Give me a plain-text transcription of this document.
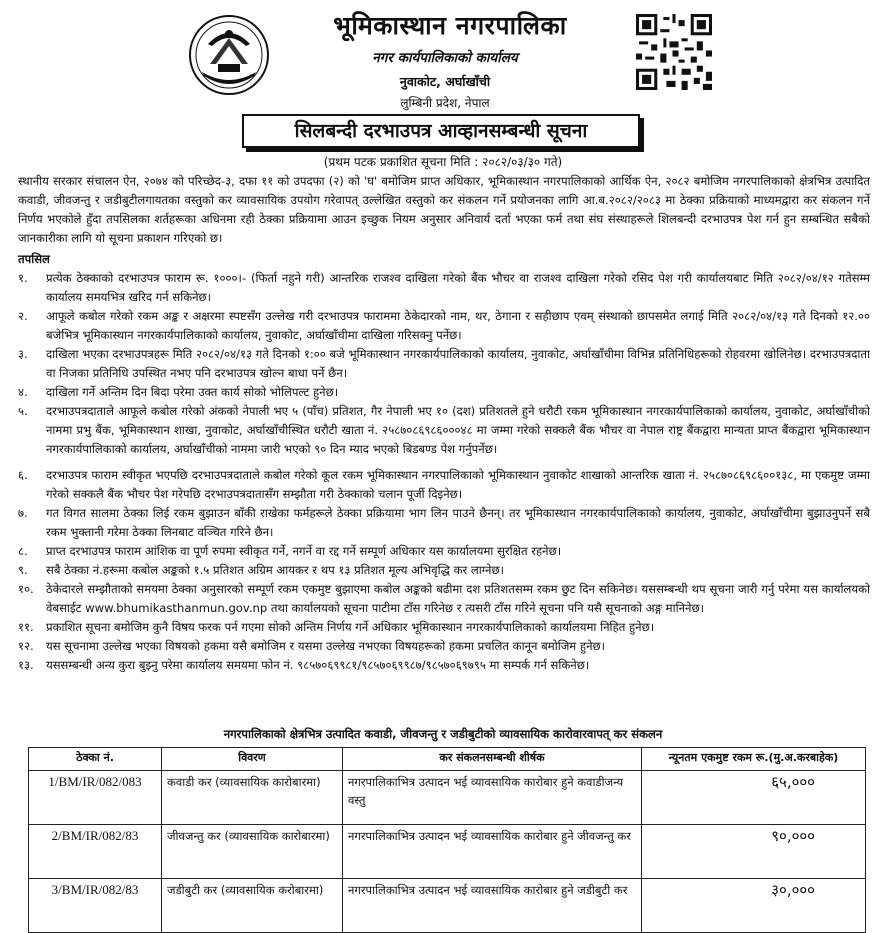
भूमिकास्थान नगरपालिका
नगर कार्यपालिकाको कार्यालय
नुवाकोट, अर्घाखाँची
लुम्बिनी प्रदेश, नेपाल
सिलबन्दी दरभाउपत्र आव्हानसम्बन्धी सूचना
(प्रथम पटक प्रकाशित सूचना मिति : २०८२/०३/३० गते)

स्थानीय सरकार संचालन ऐन, २०७४ को परिच्छेद-३, दफा ११ को उपदफा (२) को 'घ' बमोजिम प्राप्त अधिकार, भूमिकास्थान नगरपालिकाको आर्थिक ऐन, २०८२ बमोजिम नगरपालिकाको क्षेत्रभित्र उत्पादित कवाडी, जीवजन्तु र जडीबुटीलगायतका वस्तुको कर व्यावसायिक उपयोग गरेवापत् उल्लेखित वस्तुको कर संकलन गर्ने प्रयोजनका लागि आ.ब.२०८२/२०८३ मा ठेक्का प्रक्रियाको माध्यमद्वारा कर संकलन गर्ने निर्णय भएकोले हुँदा तपसिलका शर्तहरूका अधिनमा रही ठेक्का प्रक्रियामा आउन इच्छुक नियम अनुसार अनिवार्य दर्ता भएका फर्म तथा संघ संस्थाहरूले शिलबन्दी दरभाउपत्र पेश गर्न हुन सम्बन्धित सबैको जानकारीका लागि यो सूचना प्रकाशन गरिएको छ।

तपसिल

१.	प्रत्येक ठेक्काको दरभाउपत्र फाराम रू. १०००।- (फिर्ता नहुने गरी) आन्तरिक राजश्व दाखिला गरेको बैंक भौचर वा राजश्व दाखिला गरेको रसिद पेश गरी कार्यालयबाट मिति २०८२/०४/१२ गतेसम्म कार्यालय समयभित्र खरिद गर्न सकिनेछ।
२.	आफूले कबोल गरेको रकम अङ्क र अक्षरमा स्पष्टसँग उल्लेख गरी दरभाउपत्र फाराममा ठेकेदारको नाम, थर, ठेगाना र सहीछाप एवम् संस्थाको छापसमेत लगाई मिति २०८२/०४/१३ गते दिनको १२.०० बजेभित्र भूमिकास्थान नगरकार्यपालिकाको कार्यालय, नुवाकोट, अर्घाखाँचीमा दाखिला गरिसक्नु पर्नेछ।
३.	दाखिला भएका दरभाउपत्रहरू मिति २०८२/०४/१३ गते दिनको १:०० बजे भूमिकास्थान नगरकार्यपालिकाको कार्यालय, नुवाकोट, अर्घाखाँचीमा विभिन्न प्रतिनिधिहरूको रोहवरमा खोलिनेछ। दरभाउपत्रदाता वा निजका प्रतिनिधि उपस्थित नभए पनि दरभाउपत्र खोल्न बाधा पर्ने छैन।
४.	दाखिला गर्ने अन्तिम दिन बिदा परेमा उक्त कार्य सोको भोलिपल्ट हुनेछ।
५.	दरभाउपत्रदाताले आफूले कबोल गरेको अंकको नेपाली भए ५ (पाँच) प्रतिशत, गैर नेपाली भए १० (दश) प्रतिशतले हुने धरौटी रकम भूमिकास्थान नगरकार्यपालिकाको कार्यालय, नुवाकोट, अर्घाखाँचीको नाममा प्रभु बैंक, भूमिकास्थान शाखा, नुवाकोट, अर्घाखाँचीस्थित धरौटी खाता नं. २५८७०८६९८६०००४८ मा जम्मा गरेको सक्कलै बैंक भौचर वा नेपाल राष्ट्र बैंकद्वारा मान्यता प्राप्त बैंकद्वारा भूमिकास्थान नगरकार्यपालिकाको कार्यालय, अर्घाखाँचीको नाममा जारी भएको ९० दिन म्याद भएको बिडबण्ड पेश गर्नुपर्नेछ।
६.	दरभाउपत्र फाराम स्वीकृत भएपछि दरभाउपत्रदाताले कबोल गरेको कूल रकम भूमिकास्थान नगरपालिकाको भूमिकास्थान नुवाकोट शाखाको आन्तरिक खाता नं. २५८७०८६९८६००१३८, मा एकमुष्ट जम्मा गरेको सक्कलै बैंक भौचर पेश गरेपछि दरभाउपत्रदातासँग सम्झौता गरी ठेक्काको चलान पूर्जी दिइनेछ।
७.	गत विगत सालमा ठेक्का लिई रकम बुझाउन बाँकी राखेका फर्महरूले ठेक्का प्रक्रियामा भाग लिन पाउने छैनन्। तर भूमिकास्थान नगरकार्यपालिकाको कार्यालय, नुवाकोट, अर्घाखाँचीमा बुझाउनुपर्ने सबै रकम भुक्तानी गरेमा ठेक्का लिनबाट वञ्चित गरिने छैन।
८.	प्राप्त दरभाउपत्र फाराम आंशिक वा पूर्ण रुपमा स्वीकृत गर्ने, नगर्ने वा रद्द गर्ने सम्पूर्ण अधिकार यस कार्यालयमा सुरक्षित रहनेछ।
९.	सबै ठेक्का नं.हरूमा कबोल अङ्कको १.५ प्रतिशत अग्रिम आयकर र थप १३ प्रतिशत मूल्य अभिवृद्धि कर लाग्नेछ।
१०.	ठेकेदारले सम्झौताको समयमा ठेक्का अनुसारको सम्पूर्ण रकम एकमुष्ट बुझाएमा कबोल अङ्कको बढीमा दश प्रतिशतसम्म रकम छुट दिन सकिनेछ। यससम्बन्धी थप सूचना जारी गर्नु परेमा यस कार्यालयको वेबसाईट www.bhumikasthanmun.gov.np तथा कार्यालयको सूचना पाटीमा टाँस गरिनेछ र त्यसरी टाँस गरिने सूचना पनि यसै सूचनाको अङ्ग मानिनेछ।
११.	प्रकाशित सूचना बमोजिम कुनै विषय फरक पर्न गएमा सोको अन्तिम निर्णय गर्ने अधिकार भूमिकास्थान नगरकार्यपालिकाको कार्यालयमा निहित हुनेछ।
१२.	यस सूचनामा उल्लेख भएका विषयको हकमा यसै बमोजिम र यसमा उल्लेख नभएका विषयहरूको हकमा प्रचलित कानून बमोजिम हुनेछ।
१३.	यससम्बन्धी अन्य कुरा बुझ्नु परेमा कार्यालय समयमा फोन नं. ९८५७०६९९८१/९८५७०६९९८७/९८५७०६९७९५ मा सम्पर्क गर्न सकिनेछ।
नगरपालिकाको क्षेत्रभित्र उत्पादित कवाडी, जीवजन्तु र जडीबुटीको व्यावसायिक कारोवारवापत् कर संकलन
ठेक्का नं.	विवरण	कर संकलनसम्बन्धी शीर्षक	न्यूनतम एकमुष्ट रकम रू.(मु.अ.करबाहेक)
1/BM/IR/082/083	कवाडी कर (व्यावसायिक कारोबारमा)	नगरपालिकाभित्र उत्पादन भई व्यावसायिक कारोबार हुने कवाडीजन्य वस्तु	६५,०००
2/BM/IR/082/83	जीवजन्तु कर (व्यावसायिक कारोबारमा)	नगरपालिकाभित्र उत्पादन भई व्यावसायिक कारोबार हुने जीवजन्तु कर	९०,०००
3/BM/IR/082/83	जडीबुटी कर (व्यावसायिक करोबारमा)	नगरपालिकाभित्र उत्पादन भई व्यावसायिक कारोबार हुने जडीबुटी कर	३०,०००
